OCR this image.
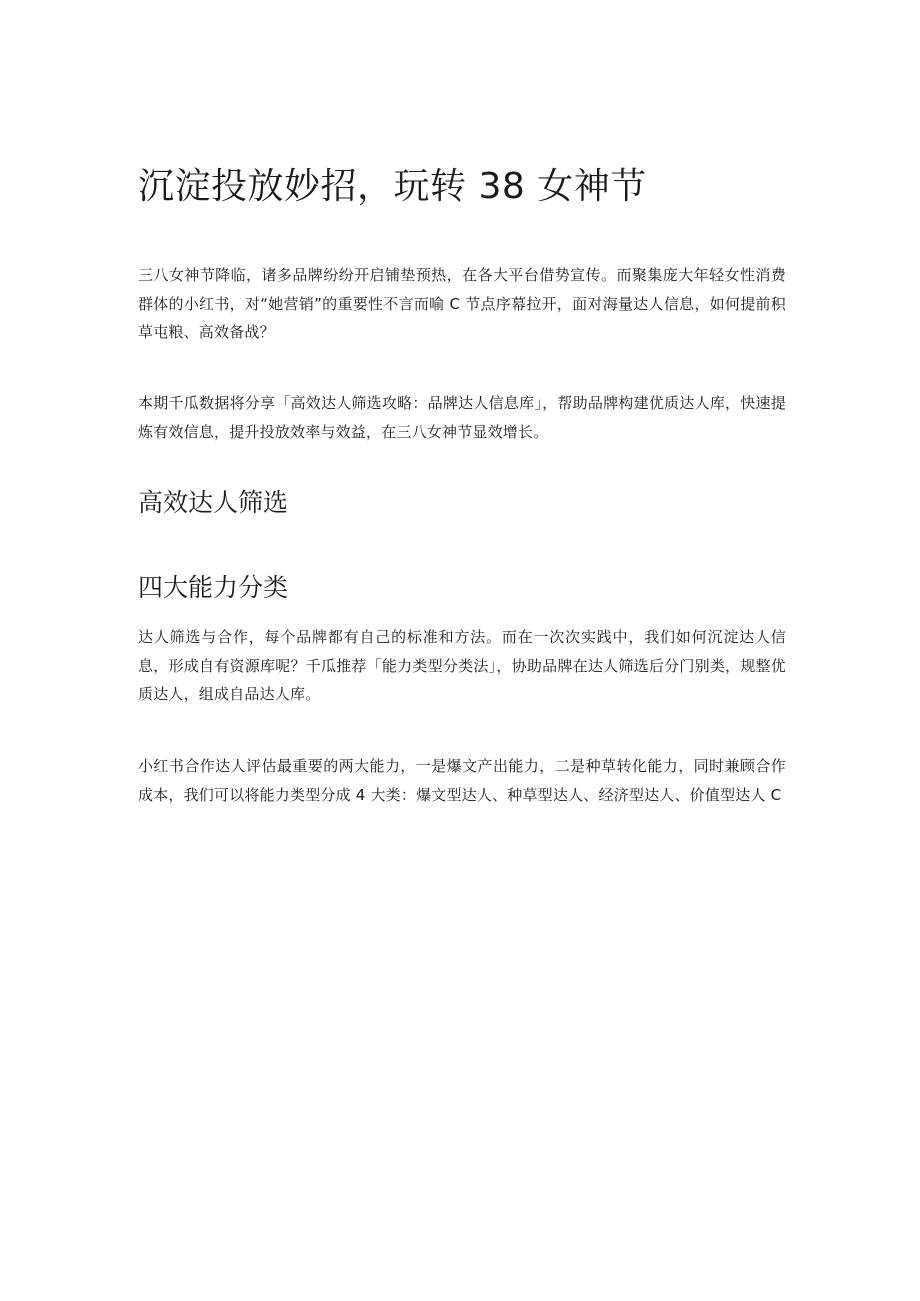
沉淀投放妙招，玩转 38 女神节

三八女神节降临，诸多品牌纷纷开启铺垫预热，在各大平台借势宣传。而聚集庞大年轻女性消费群体的小红书，对“她营销”的重要性不言而喻 C 节点序幕拉开，面对海量达人信息，如何提前积草屯粮、高效备战？

本期千瓜数据将分享「高效达人筛选攻略：品牌达人信息库」，帮助品牌构建优质达人库，快速提炼有效信息，提升投放效率与效益，在三八女神节显效增长。

高效达人筛选
四大能力分类

达人筛选与合作，每个品牌都有自己的标准和方法。而在一次次实践中，我们如何沉淀达人信息，形成自有资源库呢？千瓜推荐「能力类型分类法」，协助品牌在达人筛选后分门别类，规整优质达人，组成自品达人库。

小红书合作达人评估最重要的两大能力，一是爆文产出能力，二是种草转化能力，同时兼顾合作成本，我们可以将能力类型分成 4 大类：爆文型达人、种草型达人、经济型达人、价值型达人 C
